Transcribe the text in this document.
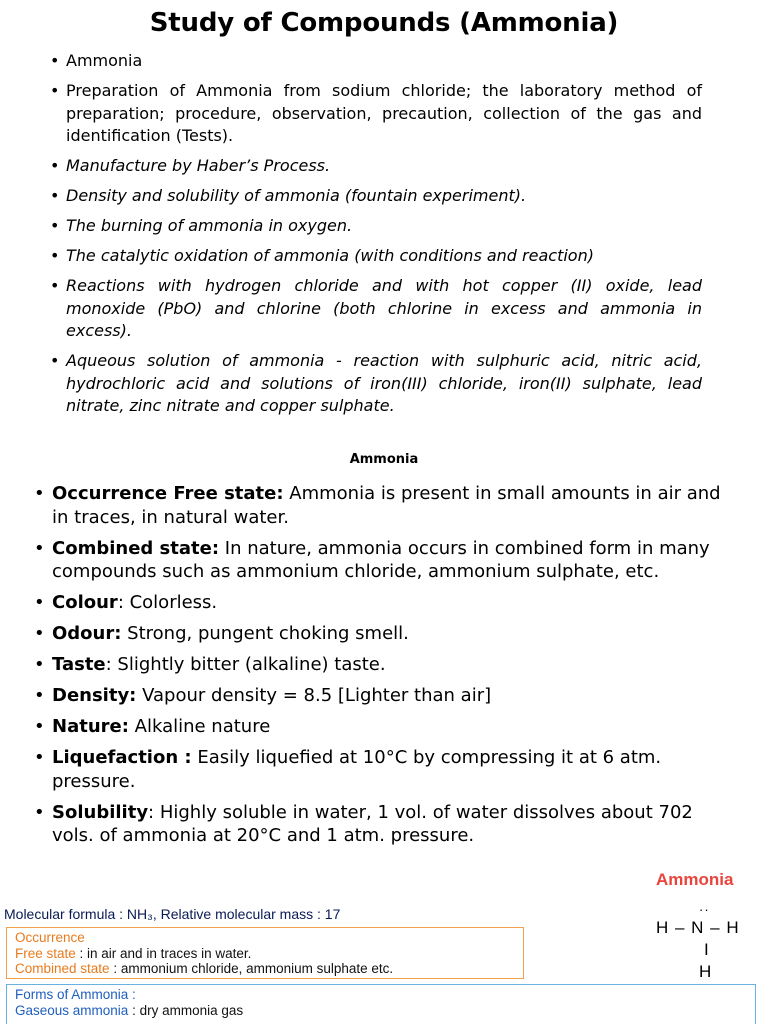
Study of Compounds (Ammonia)
• Ammonia
• Preparation of Ammonia from sodium chloride; the laboratory method of preparation; procedure, observation, precaution, collection of the gas and identification (Tests).
• Manufacture by Haber’s Process.
• Density and solubility of ammonia (fountain experiment).
• The burning of ammonia in oxygen.
• The catalytic oxidation of ammonia (with conditions and reaction)
• Reactions with hydrogen chloride and with hot copper (II) oxide, lead monoxide (PbO) and chlorine (both chlorine in excess and ammonia in excess).
• Aqueous solution of ammonia - reaction with sulphuric acid, nitric acid, hydrochloric acid and solutions of iron(III) chloride, iron(II) sulphate, lead nitrate, zinc nitrate and copper sulphate.
Ammonia
• Occurrence Free state: Ammonia is present in small amounts in air and in traces, in natural water.
• Combined state: In nature, ammonia occurs in combined form in many compounds such as ammonium chloride, ammonium sulphate, etc.
• Colour: Colorless.
• Odour: Strong, pungent choking smell.
• Taste: Slightly bitter (alkaline) taste.
• Density: Vapour density = 8.5 [Lighter than air]
• Nature: Alkaline nature
• Liquefaction : Easily liquefied at 10°C by compressing it at 6 atm. pressure.
• Solubility: Highly soluble in water, 1 vol. of water dissolves about 702 vols. of ammonia at 20°C and 1 atm. pressure.
Ammonia
Molecular formula : NH₃, Relative molecular mass : 17	··
H – N – H
I
H
Occurrence
Free state : in air and in traces in water.
Combined state : ammonium chloride, ammonium sulphate etc.
Forms of Ammonia :
Gaseous ammonia : dry ammonia gas
